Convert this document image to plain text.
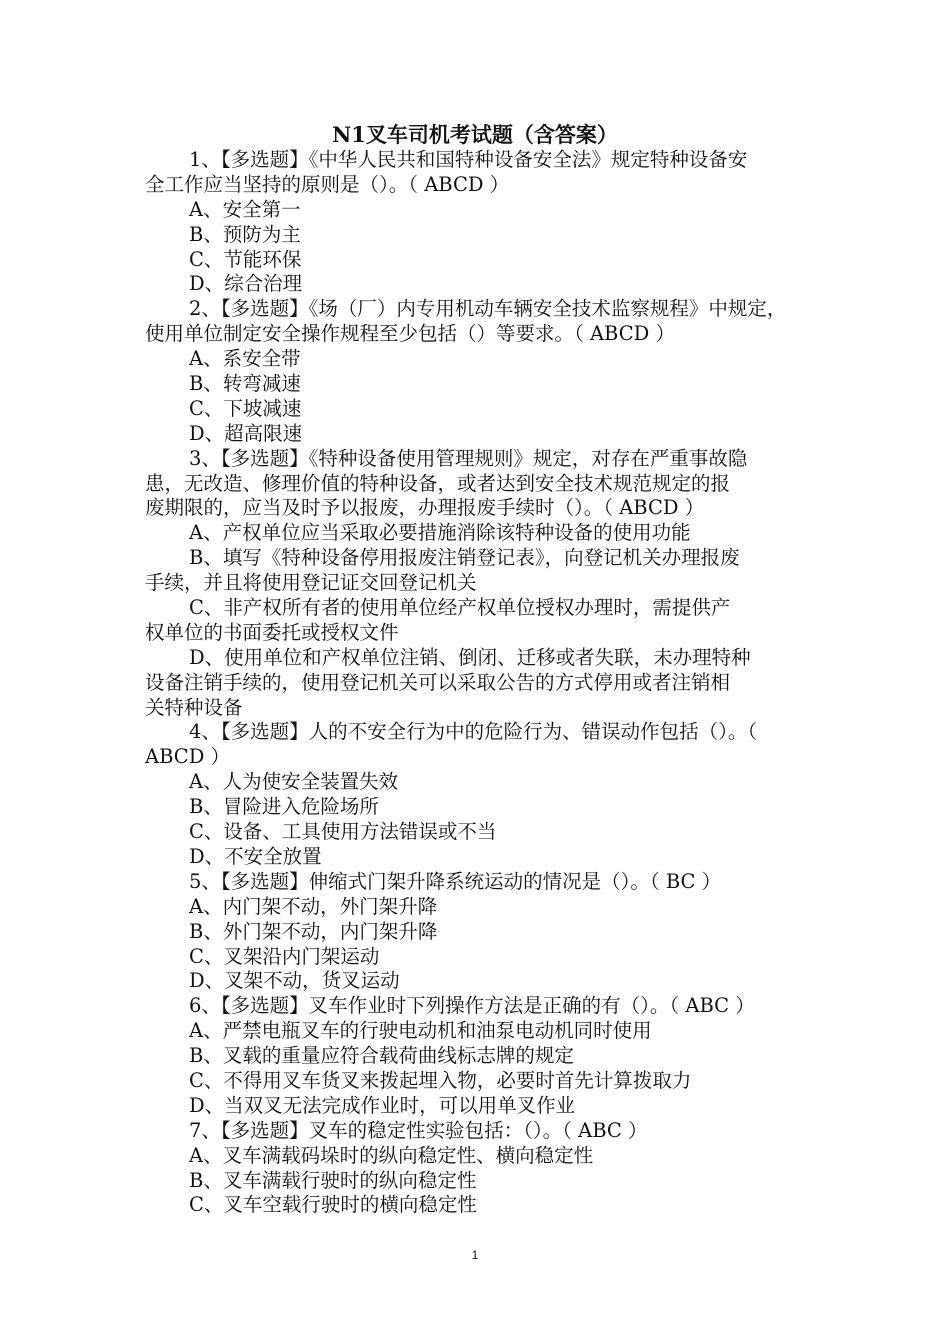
N1叉车司机考试题（含答案）
1、【多选题】《中华人民共和国特种设备安全法》规定特种设备安
全工作应当坚持的原则是（）。（ ABCD ）
A、安全第一
B、预防为主
C、节能环保
D、综合治理
2、【多选题】《场（厂）内专用机动车辆安全技术监察规程》中规定，
使用单位制定安全操作规程至少包括（）等要求。（ ABCD ）
A、系安全带
B、转弯减速
C、下坡减速
D、超高限速
3、【多选题】《特种设备使用管理规则》规定，对存在严重事故隐
患，无改造、修理价值的特种设备，或者达到安全技术规范规定的报
废期限的，应当及时予以报废，办理报废手续时（）。（ ABCD ）
A、产权单位应当采取必要措施消除该特种设备的使用功能
B、填写《特种设备停用报废注销登记表》，向登记机关办理报废
手续，并且将使用登记证交回登记机关
C、非产权所有者的使用单位经产权单位授权办理时，需提供产
权单位的书面委托或授权文件
D、使用单位和产权单位注销、倒闭、迁移或者失联，未办理特种
设备注销手续的，使用登记机关可以采取公告的方式停用或者注销相
关特种设备
4、【多选题】人的不安全行为中的危险行为、错误动作包括（）。（
ABCD ）
A、人为使安全装置失效
B、冒险进入危险场所
C、设备、工具使用方法错误或不当
D、不安全放置
5、【多选题】伸缩式门架升降系统运动的情况是（）。（ BC ）
A、内门架不动，外门架升降
B、外门架不动，内门架升降
C、叉架沿内门架运动
D、叉架不动，货叉运动
6、【多选题】叉车作业时下列操作方法是正确的有（）。（ ABC ）
A、严禁电瓶叉车的行驶电动机和油泵电动机同时使用
B、叉载的重量应符合载荷曲线标志牌的规定
C、不得用叉车货叉来拨起埋入物，必要时首先计算拨取力
D、当双叉无法完成作业时，可以用单叉作业
7、【多选题】叉车的稳定性实验包括：（）。（ ABC ）
A、叉车满载码垛时的纵向稳定性、横向稳定性
B、叉车满载行驶时的纵向稳定性
C、叉车空载行驶时的横向稳定性
1
